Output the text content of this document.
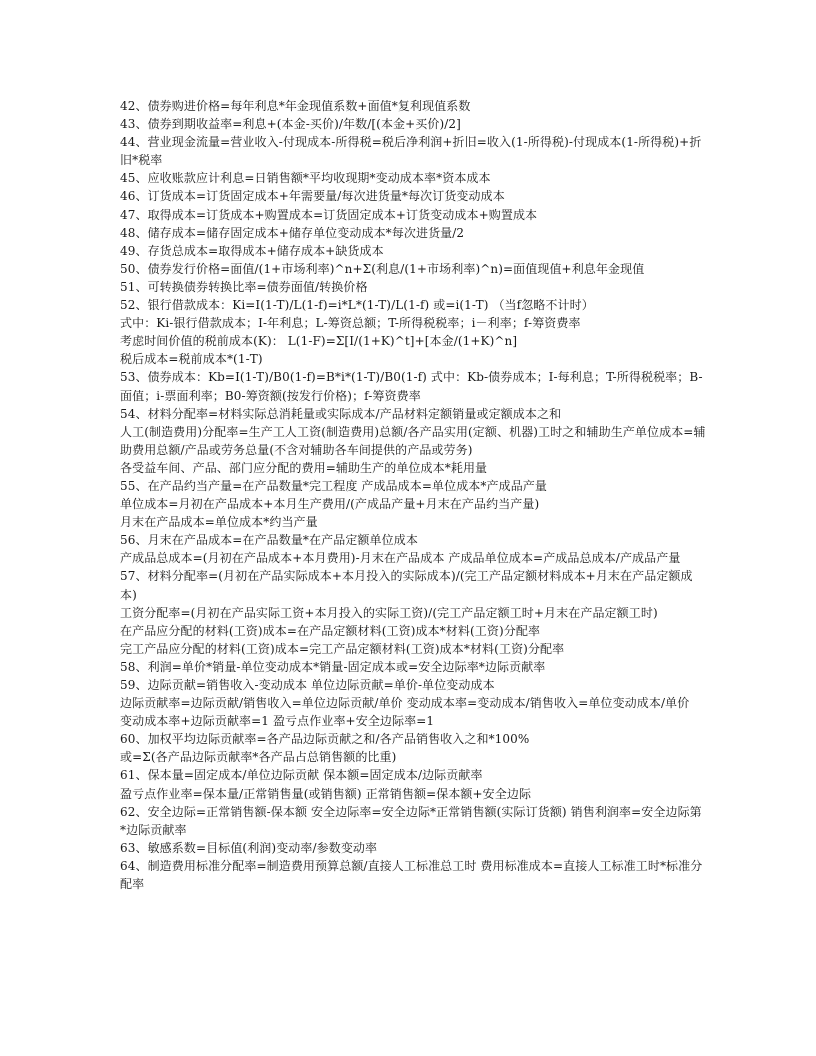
42、债券购进价格=每年利息*年金现值系数+面值*复利现值系数
43、债券到期收益率=利息+(本金-买价)/年数/[(本金+买价)/2]
44、营业现金流量=营业收入-付现成本-所得税=税后净利润+折旧=收入(1-所得税)-付现成本(1-所得税)+折旧*税率
45、应收账款应计利息=日销售额*平均收现期*变动成本率*资本成本
46、订货成本=订货固定成本+年需要量/每次进货量*每次订货变动成本
47、取得成本=订货成本+购置成本=订货固定成本+订货变动成本+购置成本
48、储存成本=储存固定成本+储存单位变动成本*每次进货量/2
49、存货总成本=取得成本+储存成本+缺货成本
50、债券发行价格=面值/(1+市场利率)^n+Σ(利息/(1+市场利率)^n)=面值现值+利息年金现值
51、可转换债券转换比率=债券面值/转换价格
52、银行借款成本：Ki=I(1-T)/L(1-f)=i*L*(1-T)/L(1-f) 或=i(1-T) （当f忽略不计时）
式中：Ki-银行借款成本；I-年利息；L-筹资总额；T-所得税税率；i－利率；f-筹资费率
考虑时间价值的税前成本(K)： L(1-F)=Σ[I/(1+K)^t]+[本金/(1+K)^n]
税后成本=税前成本*(1-T)
53、债券成本：Kb=I(1-T)/B0(1-f)=B*i*(1-T)/B0(1-f) 式中：Kb-债券成本；I-每利息；T-所得税税率；B-面值；i-票面利率；B0-筹资额(按发行价格)；f-筹资费率
54、材料分配率=材料实际总消耗量或实际成本/产品材料定额销量或定额成本之和
人工(制造费用)分配率=生产工人工资(制造费用)总额/各产品实用(定额、机器)工时之和辅助生产单位成本=辅助费用总额/产品或劳务总量(不含对辅助各车间提供的产品或劳务)
各受益车间、产品、部门应分配的费用=辅助生产的单位成本*耗用量
55、在产品约当产量=在产品数量*完工程度 产成品成本=单位成本*产成品产量
单位成本=月初在产品成本+本月生产费用/(产成品产量+月末在产品约当产量)
月末在产品成本=单位成本*约当产量
56、月末在产品成本=在产品数量*在产品定额单位成本
产成品总成本=(月初在产品成本+本月费用)-月末在产品成本 产成品单位成本=产成品总成本/产成品产量
57、材料分配率=(月初在产品实际成本+本月投入的实际成本)/(完工产品定额材料成本+月末在产品定额成本)
工资分配率=(月初在产品实际工资+本月投入的实际工资)/(完工产品定额工时+月末在产品定额工时)
在产品应分配的材料(工资)成本=在产品定额材料(工资)成本*材料(工资)分配率
完工产品应分配的材料(工资)成本=完工产品定额材料(工资)成本*材料(工资)分配率
58、利润=单价*销量-单位变动成本*销量-固定成本或=安全边际率*边际贡献率
59、边际贡献=销售收入-变动成本 单位边际贡献=单价-单位变动成本
边际贡献率=边际贡献/销售收入=单位边际贡献/单价 变动成本率=变动成本/销售收入=单位变动成本/单价
变动成本率+边际贡献率=1 盈亏点作业率+安全边际率=1
60、加权平均边际贡献率=各产品边际贡献之和/各产品销售收入之和*100%
或=Σ(各产品边际贡献率*各产品占总销售额的比重)
61、保本量=固定成本/单位边际贡献 保本额=固定成本/边际贡献率
盈亏点作业率=保本量/正常销售量(或销售额) 正常销售额=保本额+安全边际
62、安全边际=正常销售额-保本额 安全边际率=安全边际*正常销售额(实际订货额) 销售利润率=安全边际第*边际贡献率
63、敏感系数=目标值(利润)变动率/参数变动率
64、制造费用标准分配率=制造费用预算总额/直接人工标准总工时 费用标准成本=直接人工标准工时*标准分配率
